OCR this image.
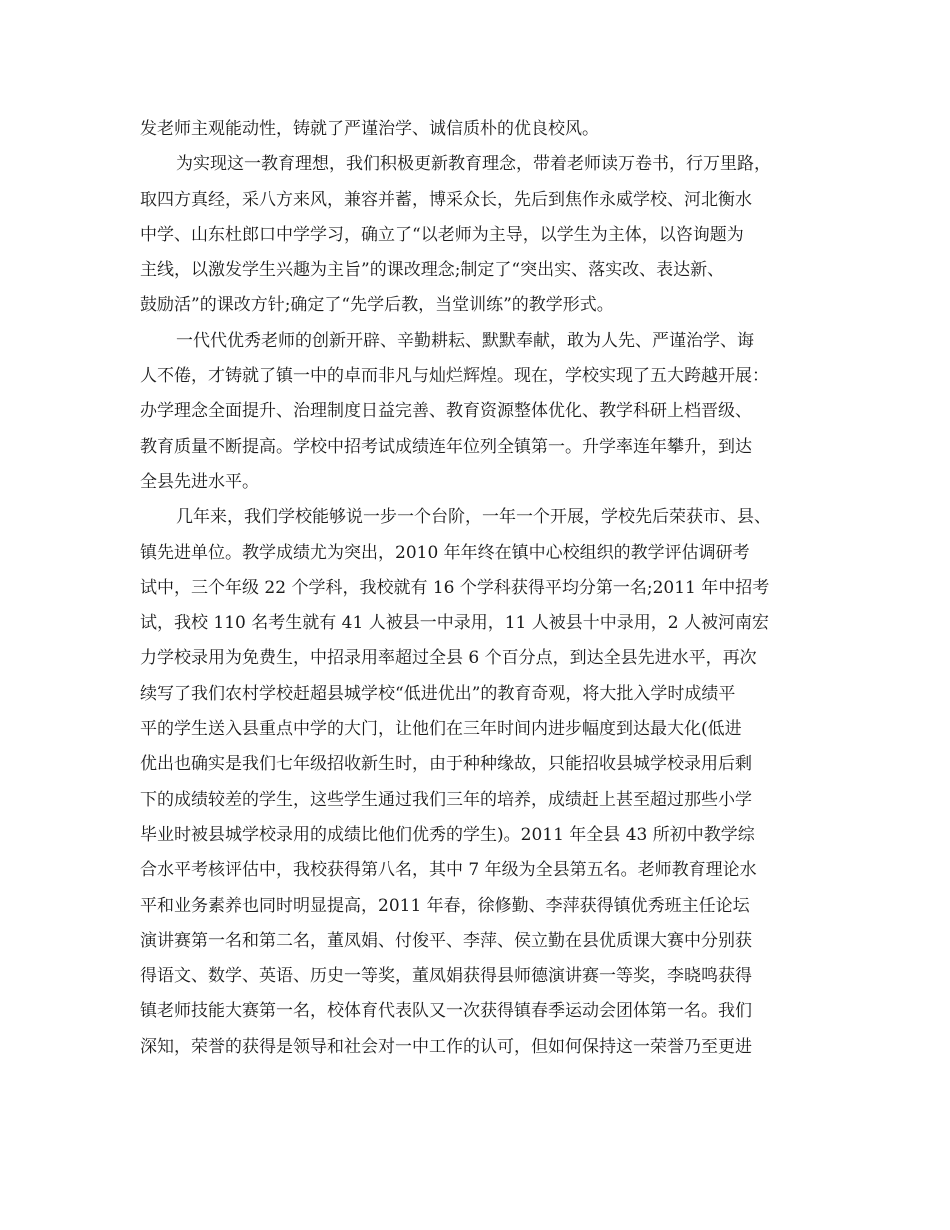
发老师主观能动性，铸就了严谨治学、诚信质朴的优良校风。
为实现这一教育理想，我们积极更新教育理念，带着老师读万卷书，行万里路，
取四方真经，采八方来风，兼容并蓄，博采众长，先后到焦作永威学校、河北衡水
中学、山东杜郎口中学学习，确立了“以老师为主导，以学生为主体，以咨询题为
主线，以激发学生兴趣为主旨”的课改理念;制定了“突出实、落实改、表达新、
鼓励活”的课改方针;确定了“先学后教，当堂训练”的教学形式。
一代代优秀老师的创新开辟、辛勤耕耘、默默奉献，敢为人先、严谨治学、诲
人不倦，才铸就了镇一中的卓而非凡与灿烂辉煌。现在，学校实现了五大跨越开展：
办学理念全面提升、治理制度日益完善、教育资源整体优化、教学科研上档晋级、
教育质量不断提高。学校中招考试成绩连年位列全镇第一。升学率连年攀升，到达
全县先进水平。
几年来，我们学校能够说一步一个台阶，一年一个开展，学校先后荣获市、县、
镇先进单位。教学成绩尤为突出，2010 年年终在镇中心校组织的教学评估调研考
试中，三个年级 22 个学科，我校就有 16 个学科获得平均分第一名;2011 年中招考
试，我校 110 名考生就有 41 人被县一中录用，11 人被县十中录用，2 人被河南宏
力学校录用为免费生，中招录用率超过全县 6 个百分点，到达全县先进水平，再次
续写了我们农村学校赶超县城学校“低进优出”的教育奇观，将大批入学时成绩平
平的学生送入县重点中学的大门，让他们在三年时间内进步幅度到达最大化(低进
优出也确实是我们七年级招收新生时，由于种种缘故，只能招收县城学校录用后剩
下的成绩较差的学生，这些学生通过我们三年的培养，成绩赶上甚至超过那些小学
毕业时被县城学校录用的成绩比他们优秀的学生)。2011 年全县 43 所初中教学综
合水平考核评估中，我校获得第八名，其中 7 年级为全县第五名。老师教育理论水
平和业务素养也同时明显提高，2011 年春，徐修勤、李萍获得镇优秀班主任论坛
演讲赛第一名和第二名，董凤娟、付俊平、李萍、侯立勤在县优质课大赛中分别获
得语文、数学、英语、历史一等奖，董凤娟获得县师德演讲赛一等奖，李晓鸣获得
镇老师技能大赛第一名，校体育代表队又一次获得镇春季运动会团体第一名。我们
深知，荣誉的获得是领导和社会对一中工作的认可，但如何保持这一荣誉乃至更进
